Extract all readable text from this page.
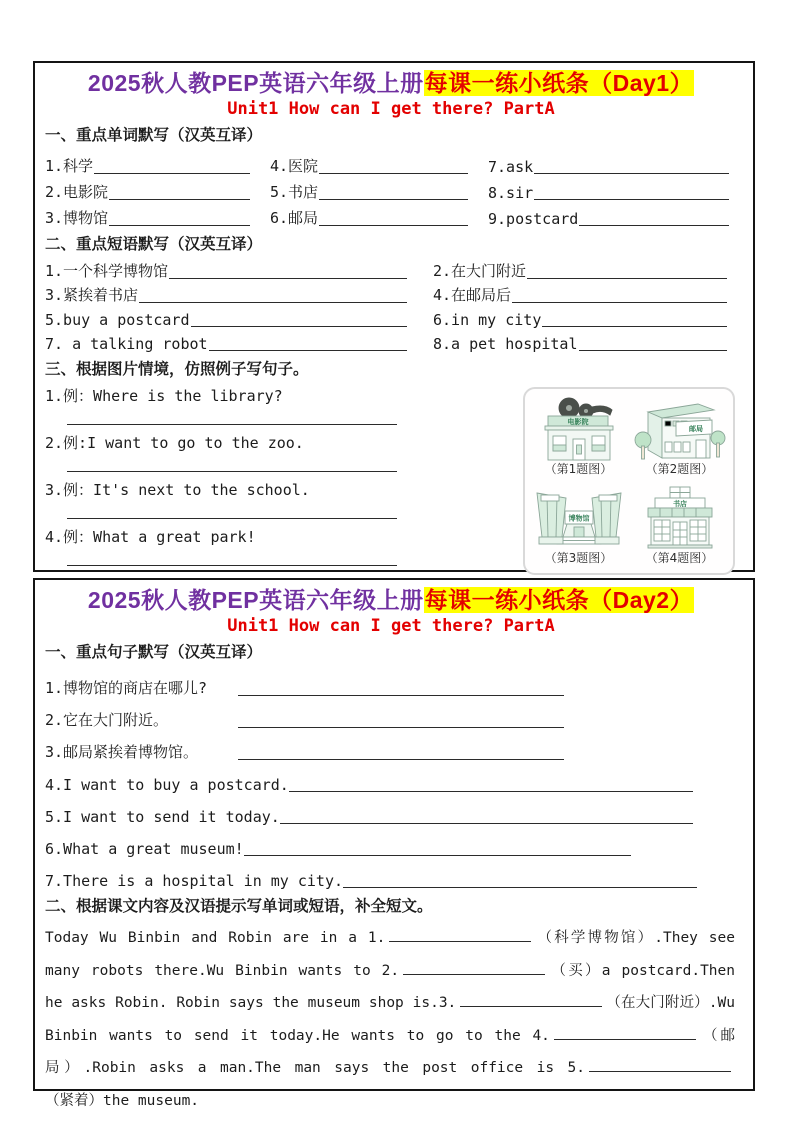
2025秋人教PEP英语六年级上册每课一练小纸条（Day1）
Unit1 How can I get there? PartA
一、重点单词默写（汉英互译）
1.科学	4.医院	7.ask
2.电影院	5.书店	8.sir
3.博物馆	6.邮局	9.postcard
二、重点短语默写（汉英互译）
1.一个科学博物馆	2.在大门附近
3.紧挨着书店	4.在邮局后
5.buy a postcard	6.in my city
7. a talking robot	8.a pet hospital
三、根据图片情境，仿照例子写句子。
1.例：Where is the library?
2.例:I want to go to the zoo.
3.例：It's next to the school.
4.例：What a great park!
电影院
（第1题图）
邮局
（第2题图）
博物馆
（第3题图）
书店
（第4题图）
2025秋人教PEP英语六年级上册每课一练小纸条（Day2）
Unit1 How can I get there? PartA
一、重点句子默写（汉英互译）
1.博物馆的商店在哪儿?
2.它在大门附近。
3.邮局紧挨着博物馆。
4.I want to buy a postcard.
5.I want to send it today.
6.What a great museum!
7.There is a hospital in my city.
二、根据课文内容及汉语提示写单词或短语，补全短文。

Today Wu Binbin and Robin are in a 1.	（科学博物馆）.They see many robots there.Wu Binbin wants to 2.	（买）a postcard.Then he asks Robin. Robin says the museum shop is.3.	（在大门附近）.Wu Binbin wants to send it today.He wants to go to the 4.	（邮局）.Robin asks a man.The man says the post office is 5.（紧着）the museum.
